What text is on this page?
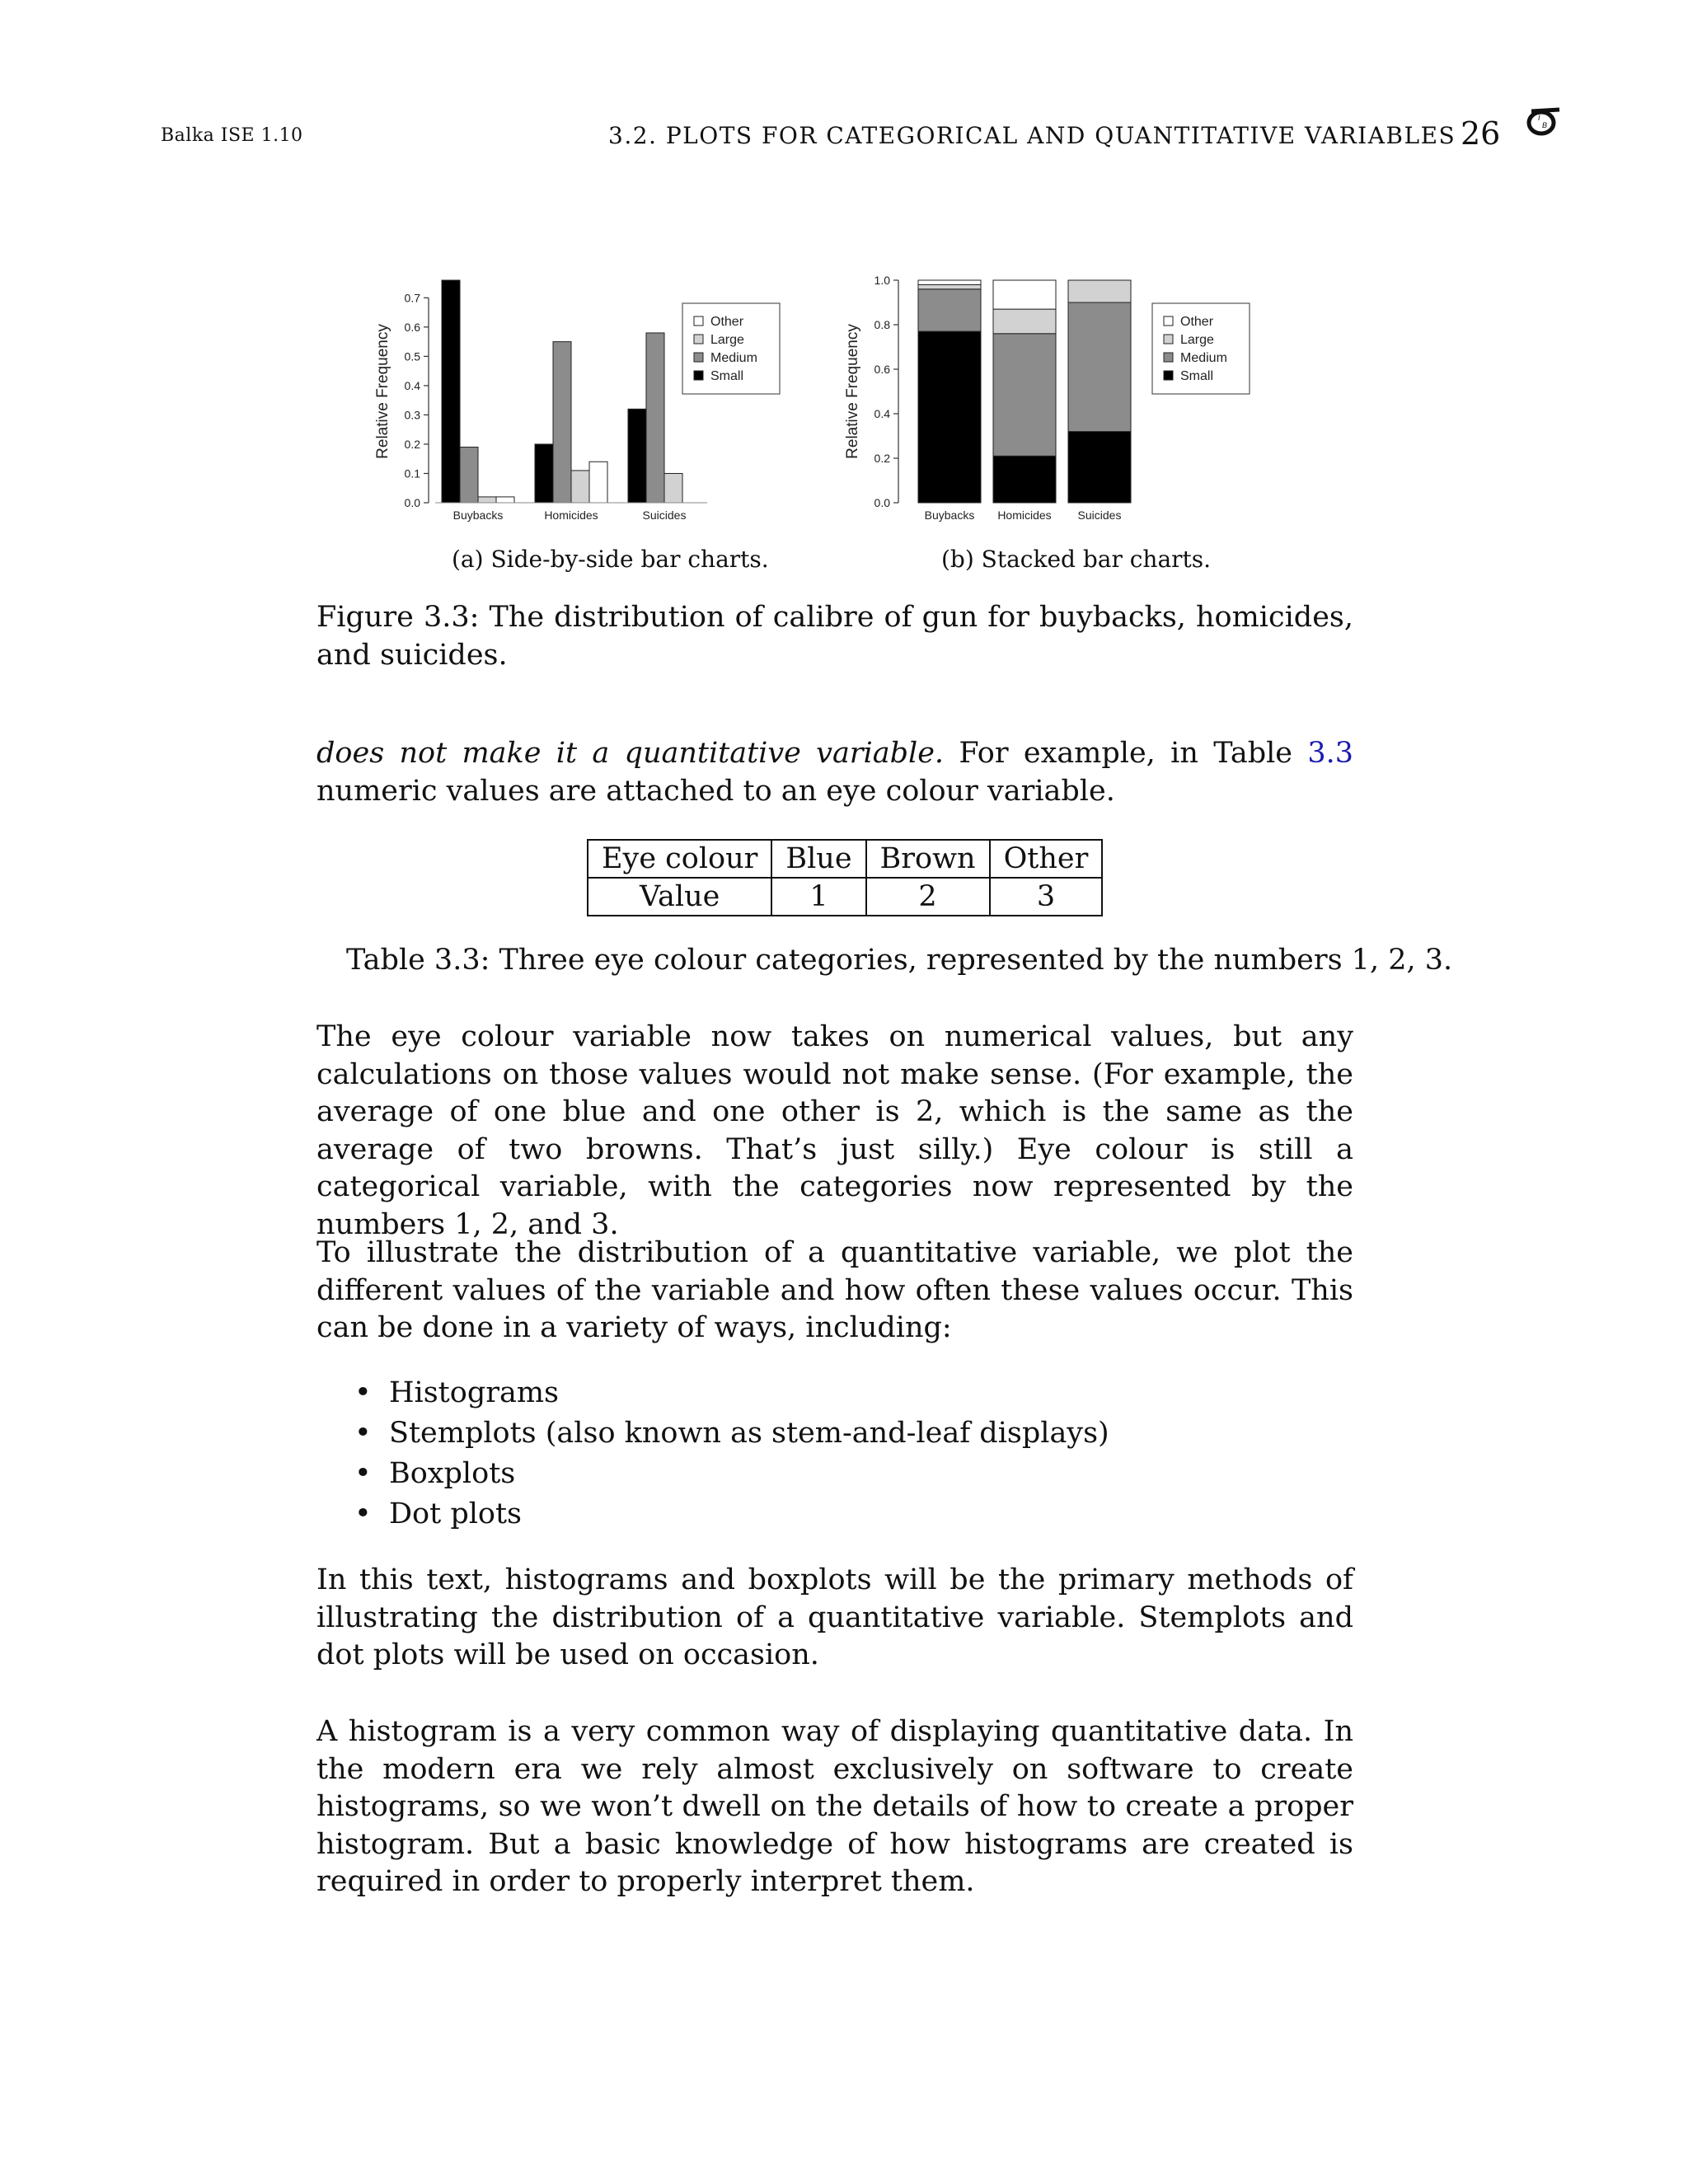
Balka ISE 1.10	3.2. PLOTS FOR CATEGORICAL AND QUANTITATIVE VARIABLES 26	I
B
0.0
0.1
0.2
0.3
0.4
0.5
0.6
0.7
Relative Frequency
Buybacks	Homicides	Suicides
Other
Large
Medium
Small
(a) Side-by-side bar charts.
0.0
0.2
0.4
0.6
0.8
1.0
Relative Frequency
Buybacks Homicides Suicides
Other
Large
Medium
Small
(b) Stacked bar charts.
Figure 3.3: The distribution of calibre of gun for buybacks, homicides, and suicides.
does not make it a quantitative variable. For example, in Table 3.3 numeric values are attached to an eye colour variable.
Eye colour	Blue	Brown	Other
Value	1	2	3
Table 3.3: Three eye colour categories, represented by the numbers 1, 2, 3.
The eye colour variable now takes on numerical values, but any calculations on those values would not make sense. (For example, the average of one blue and one other is 2, which is the same as the average of two browns. That’s just silly.) Eye colour is still a categorical variable, with the categories now represented by the numbers 1, 2, and 3.
To illustrate the distribution of a quantitative variable, we plot the different values of the variable and how often these values occur. This can be done in a variety of ways, including:
• Histograms
• Stemplots (also known as stem-and-leaf displays)
• Boxplots
• Dot plots
In this text, histograms and boxplots will be the primary methods of illustrating the distribution of a quantitative variable. Stemplots and dot plots will be used on occasion.
A histogram is a very common way of displaying quantitative data. In the modern era we rely almost exclusively on software to create histograms, so we won’t dwell on the details of how to create a proper histogram. But a basic knowledge of how histograms are created is required in order to properly interpret them.
